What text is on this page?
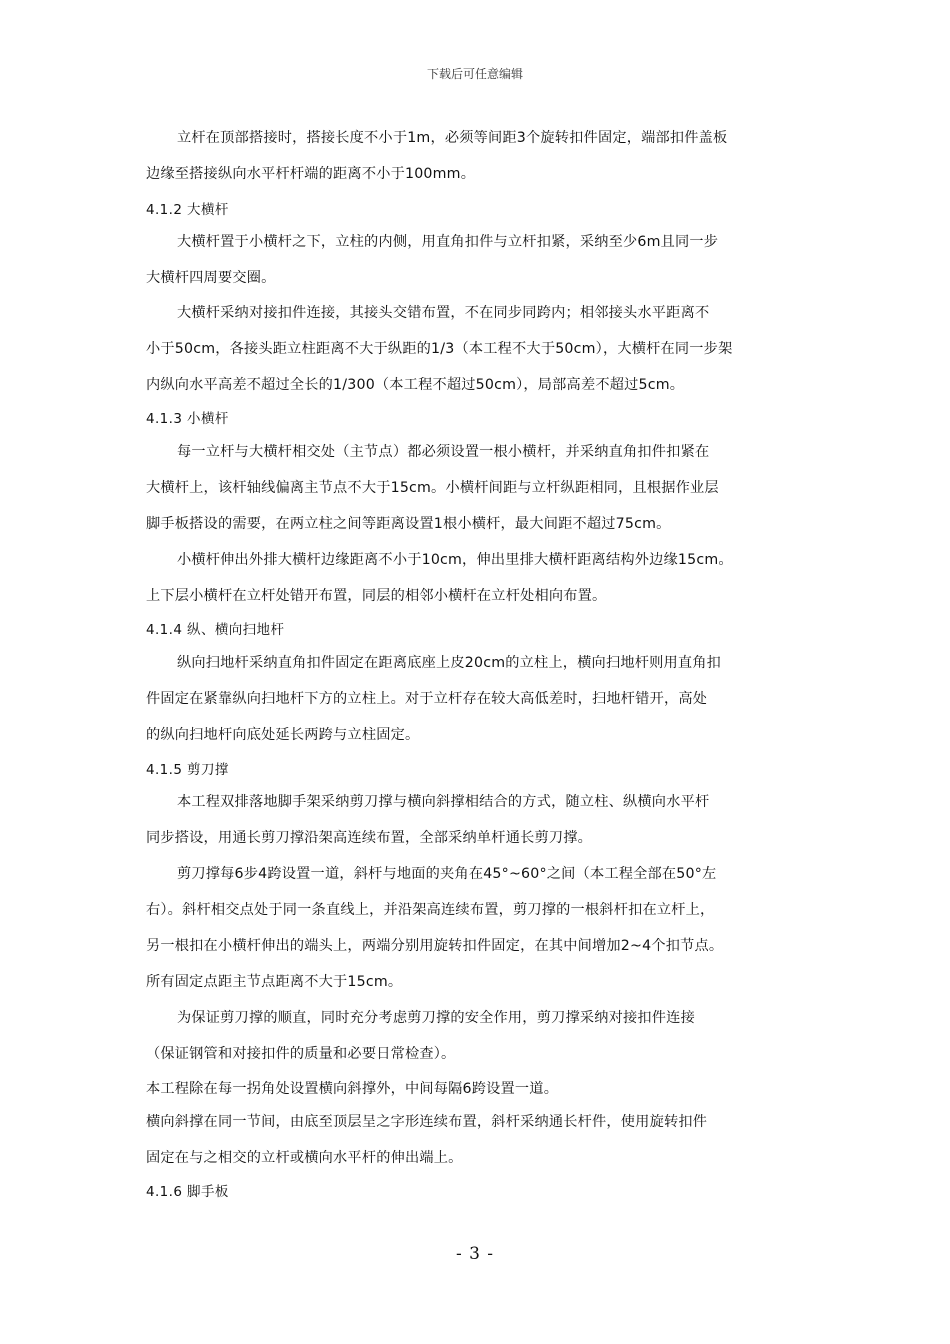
下载后可任意编辑
立杆在顶部搭接时，搭接长度不小于1m，必须等间距3个旋转扣件固定，端部扣件盖板
边缘至搭接纵向水平杆杆端的距离不小于100mm。
4.1.2 大横杆
大横杆置于小横杆之下，立柱的内侧，用直角扣件与立杆扣紧，采纳至少6m且同一步
大横杆四周要交圈。
大横杆采纳对接扣件连接，其接头交错布置，不在同步同跨内；相邻接头水平距离不
小于50cm，各接头距立柱距离不大于纵距的1/3（本工程不大于50cm），大横杆在同一步架
内纵向水平高差不超过全长的1/300（本工程不超过50cm），局部高差不超过5cm。
4.1.3 小横杆
每一立杆与大横杆相交处（主节点）都必须设置一根小横杆，并采纳直角扣件扣紧在
大横杆上，该杆轴线偏离主节点不大于15cm。小横杆间距与立杆纵距相同，且根据作业层
脚手板搭设的需要，在两立柱之间等距离设置1根小横杆，最大间距不超过75cm。
小横杆伸出外排大横杆边缘距离不小于10cm，伸出里排大横杆距离结构外边缘15cm。
上下层小横杆在立杆处错开布置，同层的相邻小横杆在立杆处相向布置。
4.1.4 纵、横向扫地杆
纵向扫地杆采纳直角扣件固定在距离底座上皮20cm的立柱上，横向扫地杆则用直角扣
件固定在紧靠纵向扫地杆下方的立柱上。对于立杆存在较大高低差时，扫地杆错开，高处
的纵向扫地杆向底处延长两跨与立柱固定。
4.1.5 剪刀撑
本工程双排落地脚手架采纳剪刀撑与横向斜撑相结合的方式，随立柱、纵横向水平杆
同步搭设，用通长剪刀撑沿架高连续布置，全部采纳单杆通长剪刀撑。
剪刀撑每6步4跨设置一道，斜杆与地面的夹角在45°~60°之间（本工程全部在50°左
右）。斜杆相交点处于同一条直线上，并沿架高连续布置，剪刀撑的一根斜杆扣在立杆上，
另一根扣在小横杆伸出的端头上，两端分别用旋转扣件固定，在其中间增加2~4个扣节点。
所有固定点距主节点距离不大于15cm。
为保证剪刀撑的顺直，同时充分考虑剪刀撑的安全作用，剪刀撑采纳对接扣件连接
（保证钢管和对接扣件的质量和必要日常检查）。
本工程除在每一拐角处设置横向斜撑外，中间每隔6跨设置一道。
横向斜撑在同一节间，由底至顶层呈之字形连续布置，斜杆采纳通长杆件，使用旋转扣件
固定在与之相交的立杆或横向水平杆的伸出端上。
4.1.6 脚手板
- 3 -
